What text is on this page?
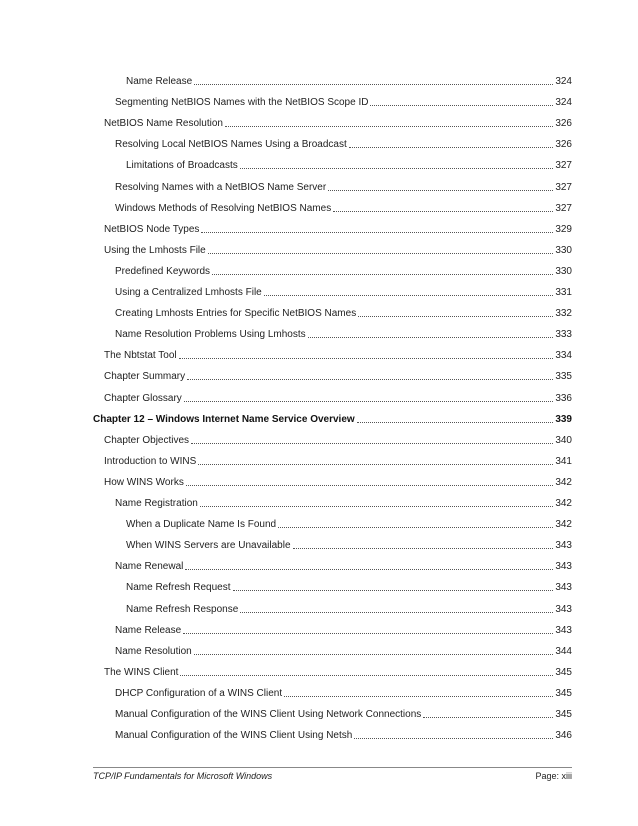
Name Release	324
Segmenting NetBIOS Names with the NetBIOS Scope ID	324
NetBIOS Name Resolution	326
Resolving Local NetBIOS Names Using a Broadcast	326
Limitations of Broadcasts	327
Resolving Names with a NetBIOS Name Server	327
Windows Methods of Resolving NetBIOS Names	327
NetBIOS Node Types	329
Using the Lmhosts File	330
Predefined Keywords	330
Using a Centralized Lmhosts File	331
Creating Lmhosts Entries for Specific NetBIOS Names	332
Name Resolution Problems Using Lmhosts	333
The Nbtstat Tool	334
Chapter Summary	335
Chapter Glossary	336
Chapter 12 – Windows Internet Name Service Overview	339
Chapter Objectives	340
Introduction to WINS	341
How WINS Works	342
Name Registration	342
When a Duplicate Name Is Found	342
When WINS Servers are Unavailable	343
Name Renewal	343
Name Refresh Request	343
Name Refresh Response	343
Name Release	343
Name Resolution	344
The WINS Client	345
DHCP Configuration of a WINS Client	345
Manual Configuration of the WINS Client Using Network Connections	345
Manual Configuration of the WINS Client Using Netsh	346
TCP/IP Fundamentals for Microsoft Windows	Page: xiii
